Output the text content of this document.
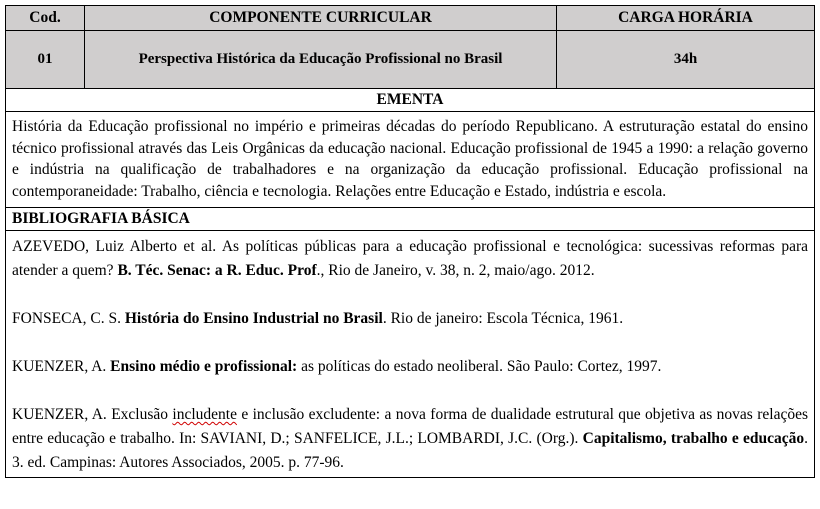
Cod.	COMPONENTE CURRICULAR	CARGA HORÁRIA
01	Perspectiva Histórica da Educação Profissional no Brasil	34h
EMENTA		
História da Educação profissional no império e primeiras décadas do período Republicano. A estruturação estatal do ensino técnico profissional através das Leis Orgânicas da educação nacional. Educação profissional de 1945 a 1990: a relação governo e indústria na qualificação de trabalhadores e na organização da educação profissional. Educação profissional na contemporaneidade: Trabalho, ciência e tecnologia. Relações entre Educação e Estado, indústria e escola.		
BIBLIOGRAFIA BÁSICA		

AZEVEDO, Luiz Alberto et al. As políticas públicas para a educação profissional e tecnológica: sucessivas reformas para atender a quem? B. Téc. Senac: a R. Educ. Prof., Rio de Janeiro, v. 38, n. 2, maio/ago. 2012.

FONSECA, C. S. História do Ensino Industrial no Brasil. Rio de janeiro: Escola Técnica, 1961.

KUENZER, A. Ensino médio e profissional: as políticas do estado neoliberal. São Paulo: Cortez, 1997.

KUENZER, A. Exclusão includente e inclusão excludente: a nova forma de dualidade estrutural que objetiva as novas relações entre educação e trabalho. In: SAVIANI, D.; SANFELICE, J.L.; LOMBARDI, J.C. (Org.). Capitalismo, trabalho e educação. 3. ed. Campinas: Autores Associados, 2005. p. 77-96.		
